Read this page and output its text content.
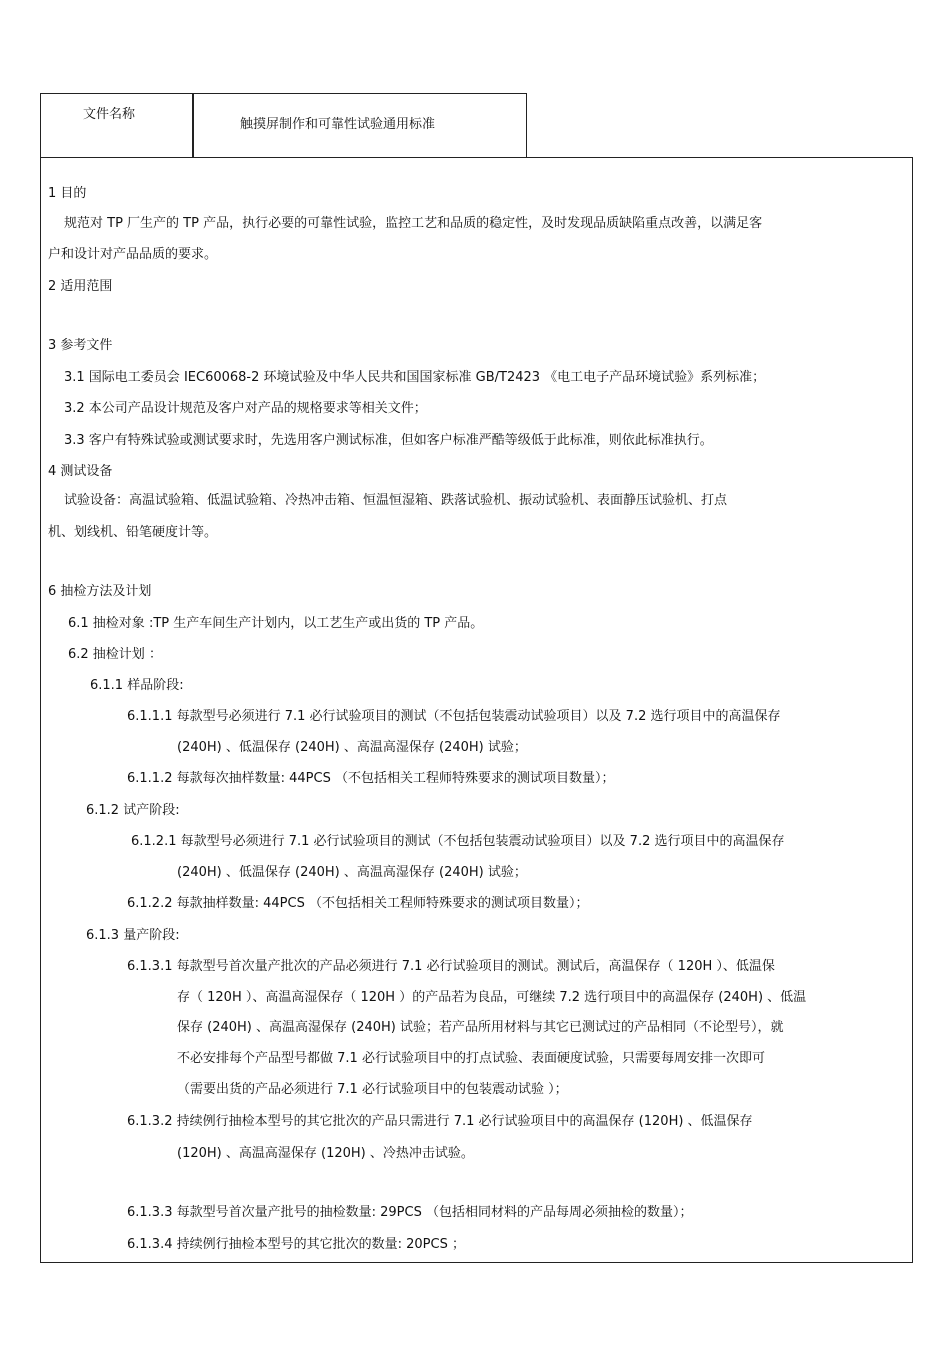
文件名称
触摸屏制作和可靠性试验通用标准
1 目的
规范对 TP 厂生产的 TP 产品，执行必要的可靠性试验，监控工艺和品质的稳定性，及时发现品质缺陷重点改善，以满足客
户和设计对产品品质的要求。
2 适用范围
3 参考文件
3.1 国际电工委员会 IEC60068-2 环境试验及中华人民共和国国家标准 GB/T2423 《电工电子产品环境试验》系列标准；
3.2 本公司产品设计规范及客户对产品的规格要求等相关文件；
3.3 客户有特殊试验或测试要求时，先选用客户测试标准，但如客户标准严酷等级低于此标准，则依此标准执行。
4 测试设备
试验设备：高温试验箱、低温试验箱、冷热冲击箱、恒温恒湿箱、跌落试验机、振动试验机、表面静压试验机、打点
机、划线机、铅笔硬度计等。
6 抽检方法及计划
6.1 抽检对象 :TP 生产车间生产计划内，以工艺生产或出货的 TP 产品。
6.2 抽检计划 ：
6.1.1 样品阶段:
6.1.1.1 每款型号必须进行 7.1 必行试验项目的测试（不包括包装震动试验项目）以及 7.2 选行项目中的高温保存
(240H) 、低温保存 (240H) 、高温高湿保存 (240H) 试验；
6.1.1.2 每款每次抽样数量: 44PCS （不包括相关工程师特殊要求的测试项目数量）；
6.1.2 试产阶段:
6.1.2.1 每款型号必须进行 7.1 必行试验项目的测试（不包括包装震动试验项目）以及 7.2 选行项目中的高温保存
(240H) 、低温保存 (240H) 、高温高湿保存 (240H) 试验；
6.1.2.2 每款抽样数量: 44PCS （不包括相关工程师特殊要求的测试项目数量）；
6.1.3 量产阶段:
6.1.3.1 每款型号首次量产批次的产品必须进行 7.1 必行试验项目的测试。测试后，高温保存（ 120H ）、低温保
存（ 120H ）、高温高湿保存（ 120H ）的产品若为良品，可继续 7.2 选行项目中的高温保存 (240H) 、低温
保存 (240H) 、高温高湿保存 (240H) 试验；若产品所用材料与其它已测试过的产品相同（不论型号），就
不必安排每个产品型号都做 7.1 必行试验项目中的打点试验、表面硬度试验，只需要每周安排一次即可
（需要出货的产品必须进行 7.1 必行试验项目中的包装震动试验 ）；
6.1.3.2 持续例行抽检本型号的其它批次的产品只需进行 7.1 必行试验项目中的高温保存 (120H) 、低温保存
(120H) 、高温高湿保存 (120H) 、冷热冲击试验。
6.1.3.3 每款型号首次量产批号的抽检数量: 29PCS （包括相同材料的产品每周必须抽检的数量）；
6.1.3.4 持续例行抽检本型号的其它批次的数量: 20PCS ；
